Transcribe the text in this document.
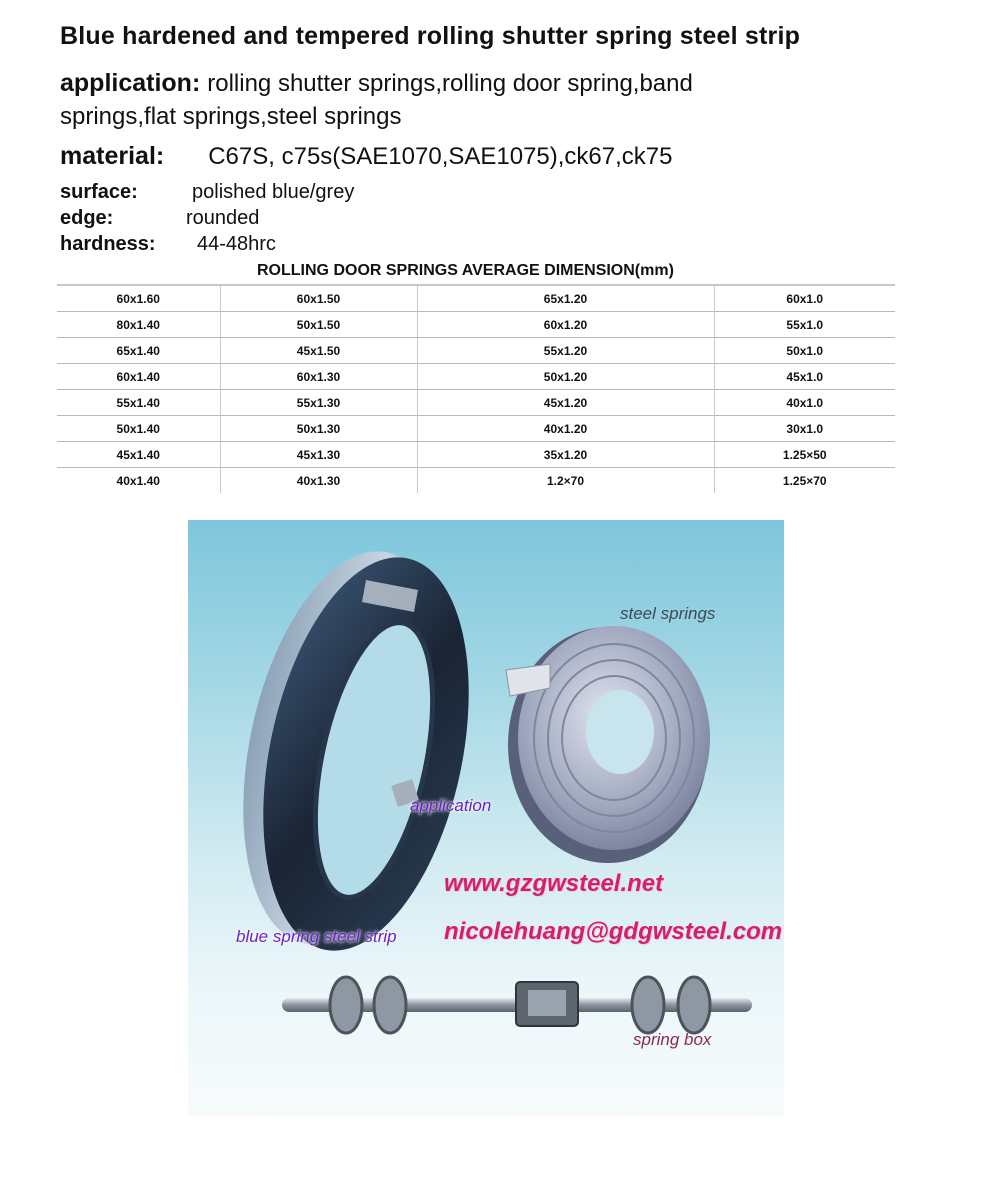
Blue hardened and tempered rolling shutter spring steel strip
application: rolling shutter springs,rolling door spring,band
springs,flat springs,steel springs
material: C67S, c75s(SAE1070,SAE1075),ck67,ck75
surface:	polished blue/grey
edge:	rounded
hardness: 44-48hrc
ROLLING DOOR SPRINGS AVERAGE DIMENSION(mm)
60x1.60	60x1.50	65x1.20	60x1.0
80x1.40	50x1.50	60x1.20	55x1.0
65x1.40	45x1.50	55x1.20	50x1.0
60x1.40	60x1.30	50x1.20	45x1.0
55x1.40	55x1.30	45x1.20	40x1.0
50x1.40	50x1.30	40x1.20	30x1.0
45x1.40	45x1.30	35x1.20	1.25×50
40x1.40	40x1.30	1.2×70	1.25×70
steel springs
application
www.gzgwsteel.net
nicolehuang@gdgwsteel.com
blue spring steel strip
spring box
